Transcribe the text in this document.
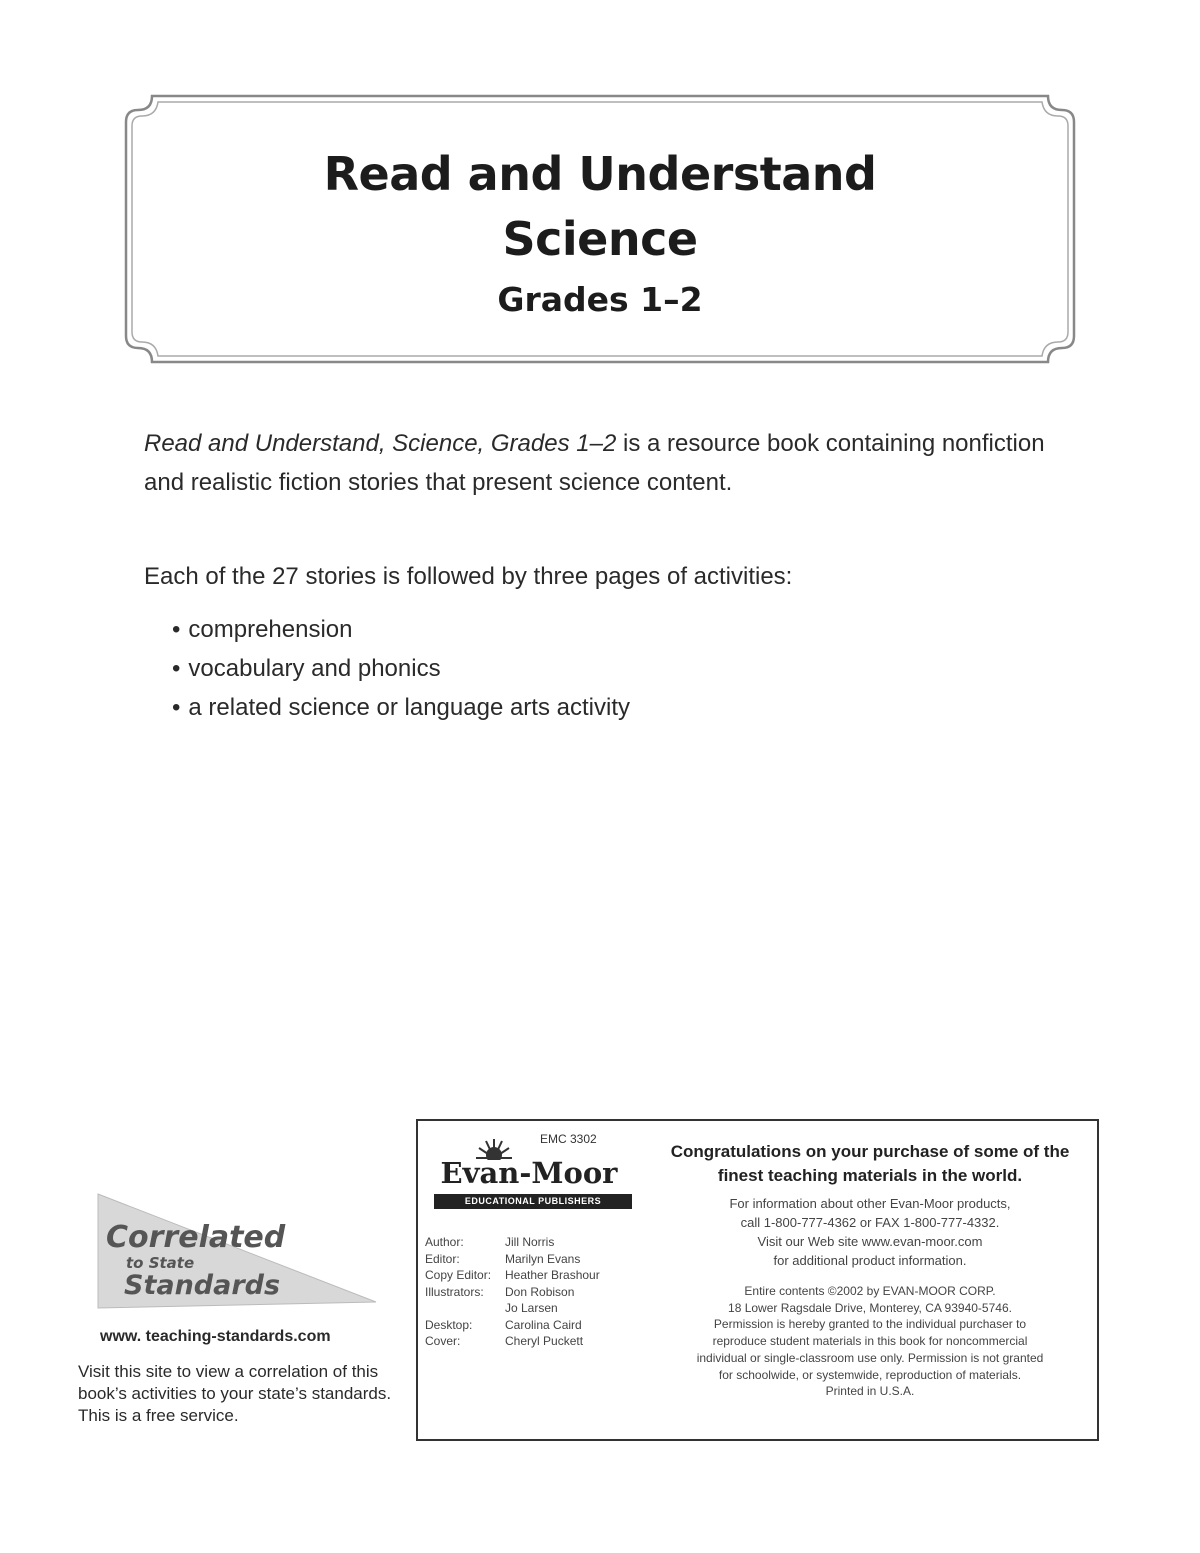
Read and Understand
Science
Grades 1–2
Read and Understand, Science, Grades 1–2 is a resource book containing nonfiction and realistic fiction stories that present science content.
Each of the 27 stories is followed by three pages of activities:
• comprehension
• vocabulary and phonics
• a related science or language arts activity
Correlated
to State
Standards
www. teaching-standards.com
Visit this site to view a correlation of this book’s activities to your state’s standards. This is a free service.
EMC 3302
Evan-Moor
EDUCATIONAL PUBLISHERS
Author:	Jill Norris
Editor:	Marilyn Evans
Copy Editor:	Heather Brashour
Illustrators:	Don Robison
Jo Larsen
Desktop:	Carolina Caird
Cover:	Cheryl Puckett
Congratulations on your purchase of some of the finest teaching materials in the world.
For information about other Evan-Moor products,
call 1-800-777-4362 or FAX 1-800-777-4332.
Visit our Web site www.evan-moor.com
for additional product information.
Entire contents ©2002 by EVAN-MOOR CORP.
18 Lower Ragsdale Drive, Monterey, CA 93940-5746.
Permission is hereby granted to the individual purchaser to
reproduce student materials in this book for noncommercial
individual or single-classroom use only. Permission is not granted
for schoolwide, or systemwide, reproduction of materials.
Printed in U.S.A.
